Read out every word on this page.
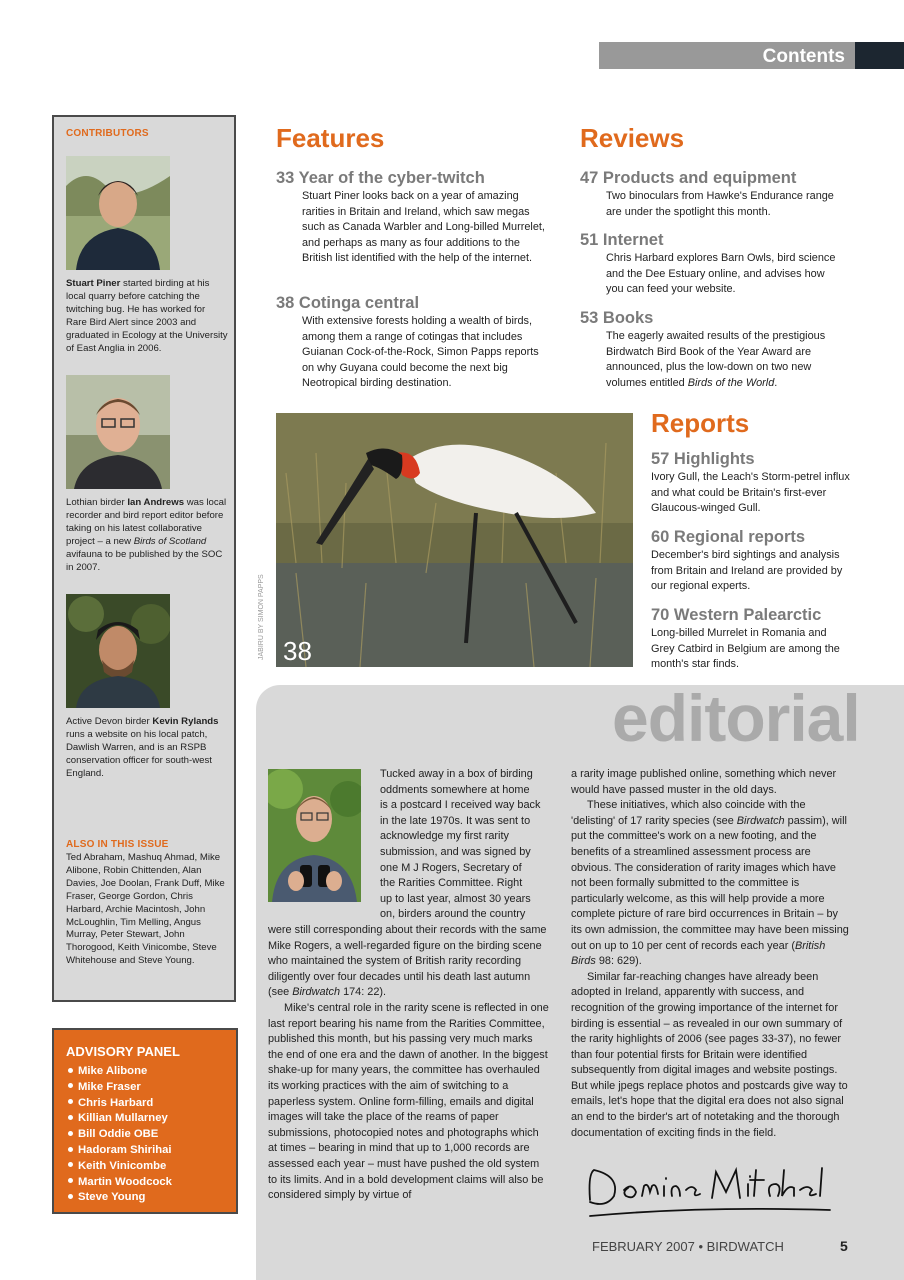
Contents
CONTRIBUTORS
Stuart Piner started birding at his local quarry before catching the twitching bug. He has worked for Rare Bird Alert since 2003 and graduated in Ecology at the University of East Anglia in 2006.
Lothian birder Ian Andrews was local recorder and bird report editor before taking on his latest collaborative project – a new Birds of Scotland avifauna to be published by the SOC in 2007.
Active Devon birder Kevin Rylands runs a website on his local patch, Dawlish Warren, and is an RSPB conservation officer for south-west England.
ALSO IN THIS ISSUE
Ted Abraham, Mashuq Ahmad, Mike Alibone, Robin Chittenden, Alan Davies, Joe Doolan, Frank Duff, Mike Fraser, George Gordon, Chris Harbard, Archie Macintosh, John McLoughlin, Tim Melling, Angus Murray, Peter Stewart, John Thorogood, Keith Vinicombe, Steve Whitehouse and Steve Young.
ADVISORY PANEL
Mike Alibone
Mike Fraser
Chris Harbard
Killian Mullarney
Bill Oddie OBE
Hadoram Shirihai
Keith Vinicombe
Martin Woodcock
Steve Young
Features
33 Year of the cyber-twitch
Stuart Piner looks back on a year of amazing rarities in Britain and Ireland, which saw megas such as Canada Warbler and Long-billed Murrelet, and perhaps as many as four additions to the British list identified with the help of the internet.
38 Cotinga central
With extensive forests holding a wealth of birds, among them a range of cotingas that includes Guianan Cock-of-the-Rock, Simon Papps reports on why Guyana could become the next big Neotropical birding destination.
Reviews
47 Products and equipment
Two binoculars from Hawke's Endurance range are under the spotlight this month.
51 Internet
Chris Harbard explores Barn Owls, bird science and the Dee Estuary online, and advises how you can feed your website.
53 Books
The eagerly awaited results of the prestigious Birdwatch Bird Book of the Year Award are announced, plus the low-down on two new volumes entitled Birds of the World.
JABIRU BY SIMON PAPPS 38
Reports
57 Highlights
Ivory Gull, the Leach's Storm-petrel influx and what could be Britain's first-ever Glaucous-winged Gull.
60 Regional reports
December's bird sightings and analysis from Britain and Ireland are provided by our regional experts.
70 Western Palearctic
Long-billed Murrelet in Romania and Grey Catbird in Belgium are among the month's star finds.
editorial
Tucked away in a box of birding
oddments somewhere at home
is a postcard I received way back
in the late 1970s. It was sent to
acknowledge my first rarity
submission, and was signed by
one M J Rogers, Secretary of
the Rarities Committee. Right
up to last year, almost 30 years
on, birders around the country

were still corresponding about their records with the same Mike Rogers, a well-regarded figure on the birding scene who maintained the system of British rarity recording diligently over four decades until his death last autumn (see Birdwatch 174: 22).

Mike's central role in the rarity scene is reflected in one last report bearing his name from the Rarities Committee, published this month, but his passing very much marks the end of one era and the dawn of another. In the biggest shake-up for many years, the committee has overhauled its working practices with the aim of switching to a paperless system. Online form-filling, emails and digital images will take the place of the reams of paper submissions, photocopied notes and photographs which at times – bearing in mind that up to 1,000 records are assessed each year – must have pushed the old system to its limits. And in a bold development claims will also be considered simply by virtue of

a rarity image published online, something which never would have passed muster in the old days.

These initiatives, which also coincide with the 'delisting' of 17 rarity species (see Birdwatch passim), will put the committee's work on a new footing, and the benefits of a streamlined assessment process are obvious. The consideration of rarity images which have not been formally submitted to the committee is particularly welcome, as this will help provide a more complete picture of rare bird occurrences in Britain – by its own admission, the committee may have been missing out on up to 10 per cent of records each year (British Birds 98: 629).

Similar far-reaching changes have already been adopted in Ireland, apparently with success, and recognition of the growing importance of the internet for birding is essential – as revealed in our own summary of the rarity highlights of 2006 (see pages 33-37), no fewer than four potential firsts for Britain were identified subsequently from digital images and website postings. But while jpegs replace photos and postcards give way to emails, let's hope that the digital era does not also signal an end to the birder's art of notetaking and the thorough documentation of exciting finds in the field.

FEBRUARY 2007 • BIRDWATCH	5
